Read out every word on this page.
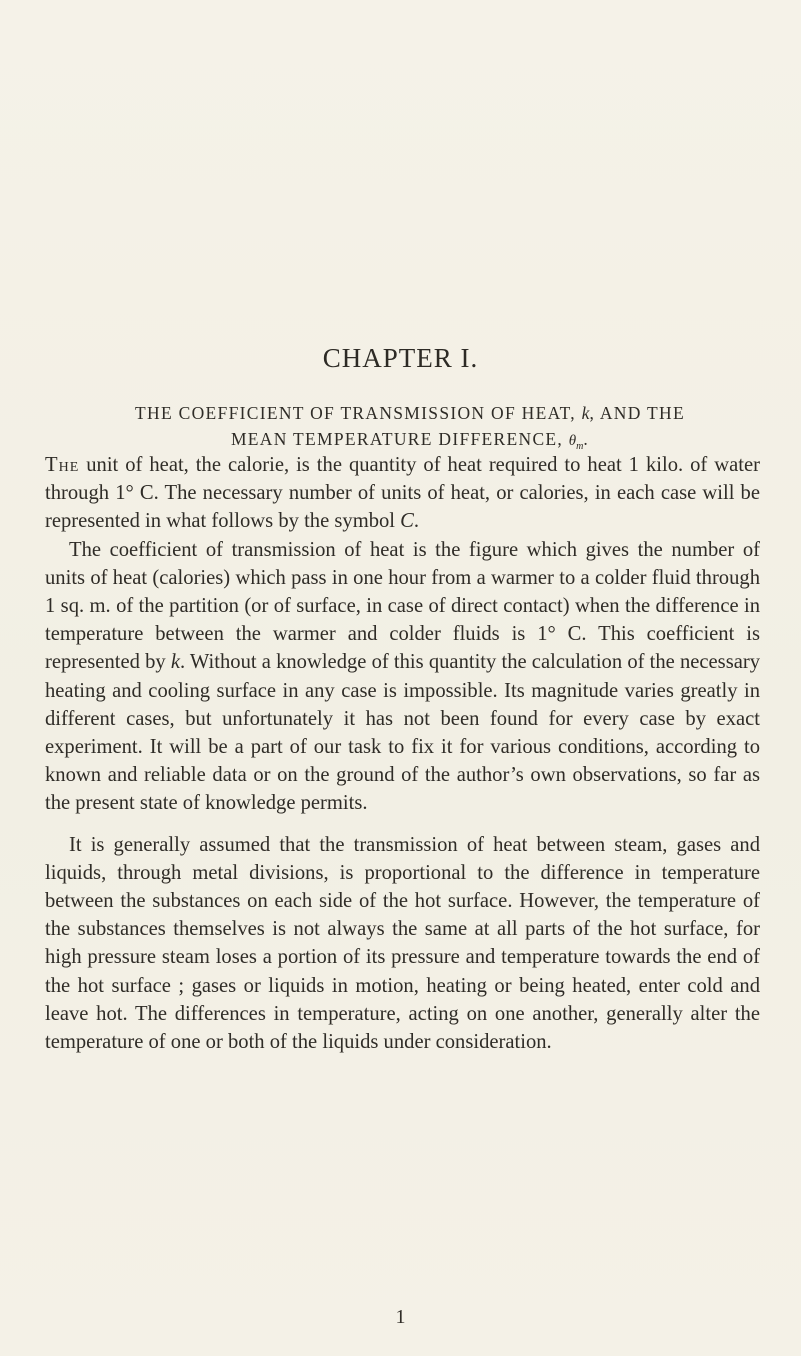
CHAPTER I.
THE COEFFICIENT OF TRANSMISSION OF HEAT, k, AND THE
MEAN TEMPERATURE DIFFERENCE, $\theta_m$.

The unit of heat, the calorie, is the quantity of heat required to heat 1 kilo. of water through 1° C. The necessary number of units of heat, or calories, in each case will be represented in what follows by the symbol C.

The coefficient of transmission of heat is the figure which gives the number of units of heat (calories) which pass in one hour from a warmer to a colder fluid through 1 sq. m. of the partition (or of surface, in case of direct contact) when the difference in temperature between the warmer and colder fluids is 1° C. This coefficient is represented by k. Without a knowledge of this quantity the calculation of the necessary heating and cooling surface in any case is impossible. Its magnitude varies greatly in different cases, but unfortunately it has not been found for every case by exact experiment. It will be a part of our task to fix it for various conditions, according to known and reliable data or on the ground of the author’s own observations, so far as the present state of knowledge permits.

It is generally assumed that the transmission of heat between steam, gases and liquids, through metal divisions, is proportional to the difference in temperature between the substances on each side of the hot surface. However, the temperature of the substances themselves is not always the same at all parts of the hot surface, for high pressure steam loses a portion of its pressure and temperature towards the end of the hot surface ; gases or liquids in motion, heating or being heated, enter cold and leave hot. The differences in temperature, acting on one another, generally alter the temperature of one or both of the liquids under consideration.

1
